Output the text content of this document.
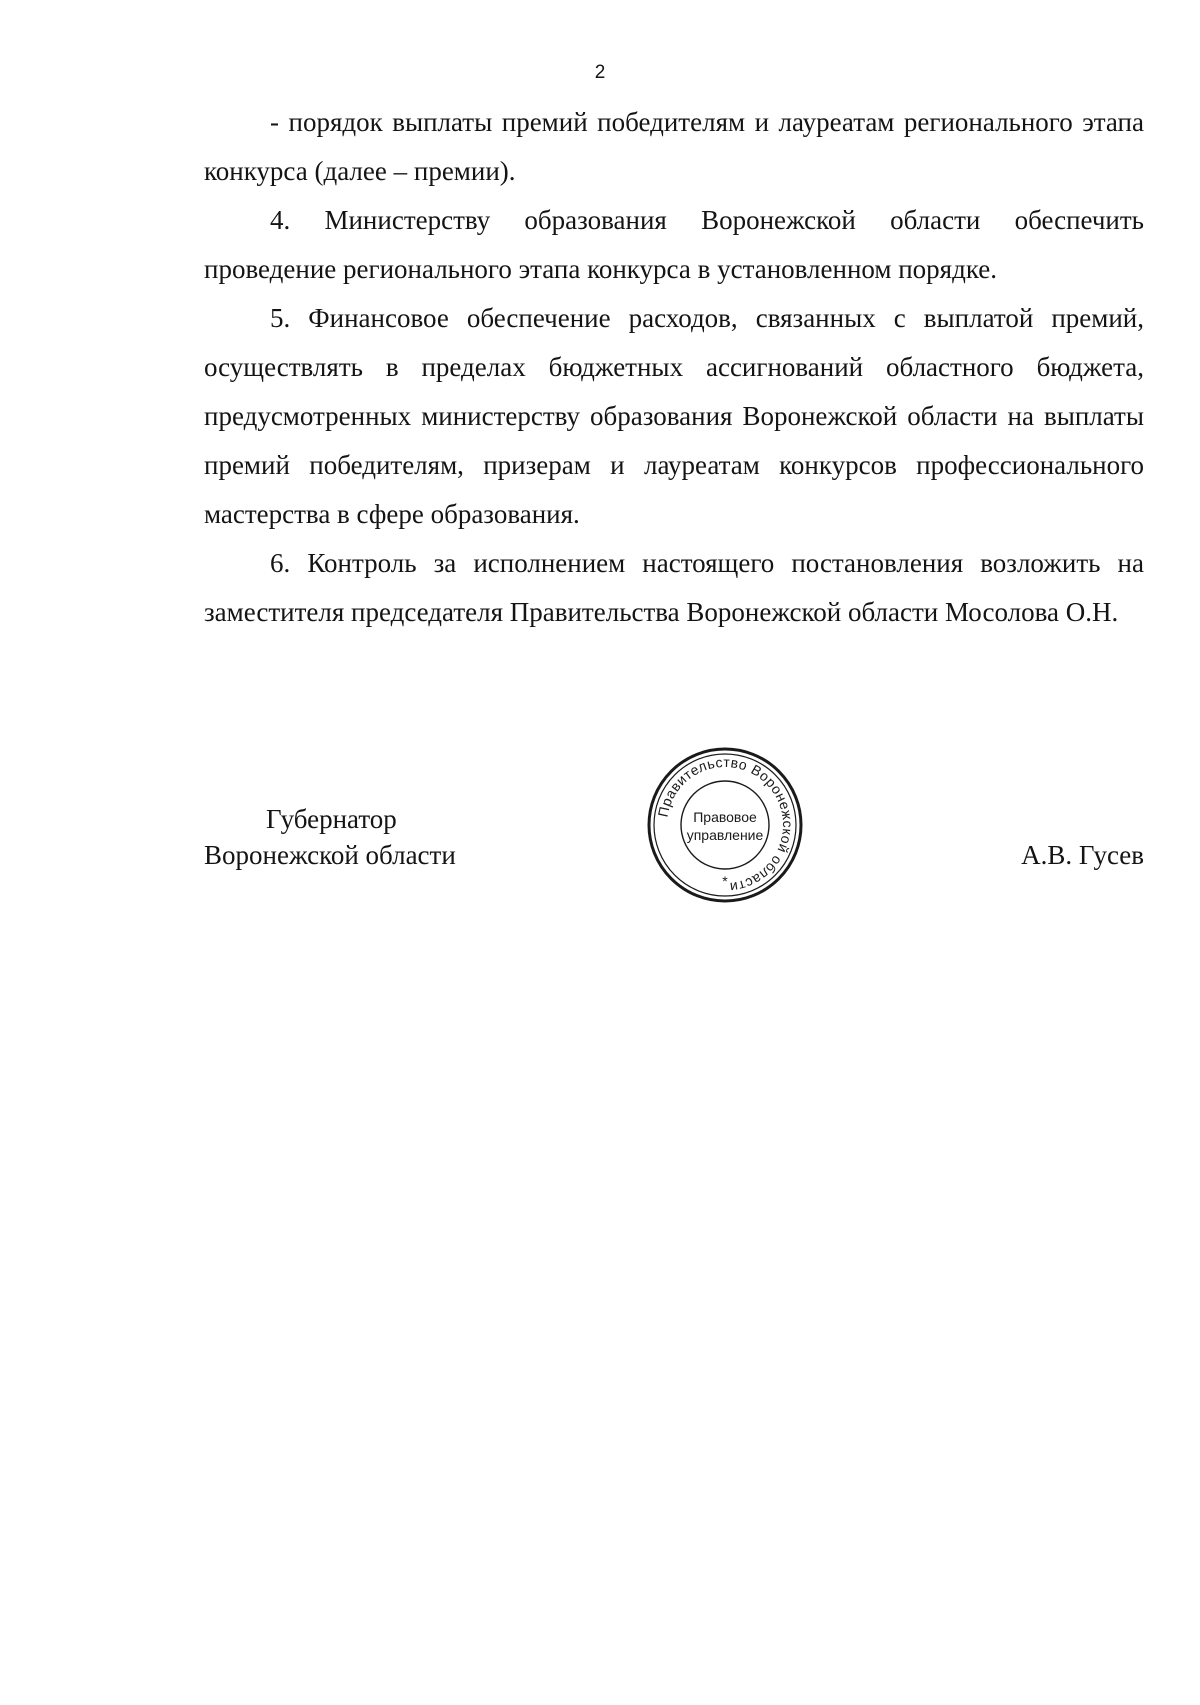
2

- порядок выплаты премий победителям и лауреатам регионального этапа конкурса (далее – премии).

4. Министерству образования Воронежской области обеспечить проведение регионального этапа конкурса в установленном порядке.

5. Финансовое обеспечение расходов, связанных с выплатой премий, осуществлять в пределах бюджетных ассигнований областного бюджета, предусмотренных министерству образования Воронежской области на выплаты премий победителям, призерам и лауреатам конкурсов профессионального мастерства в сфере образования.

6. Контроль за исполнением настоящего постановления возложить на заместителя председателя Правительства Воронежской области Мосолова О.Н.

Губернатор
Воронежской области	А.В. Гусев
Правительство Воронежской области
Правовое
управление
*
